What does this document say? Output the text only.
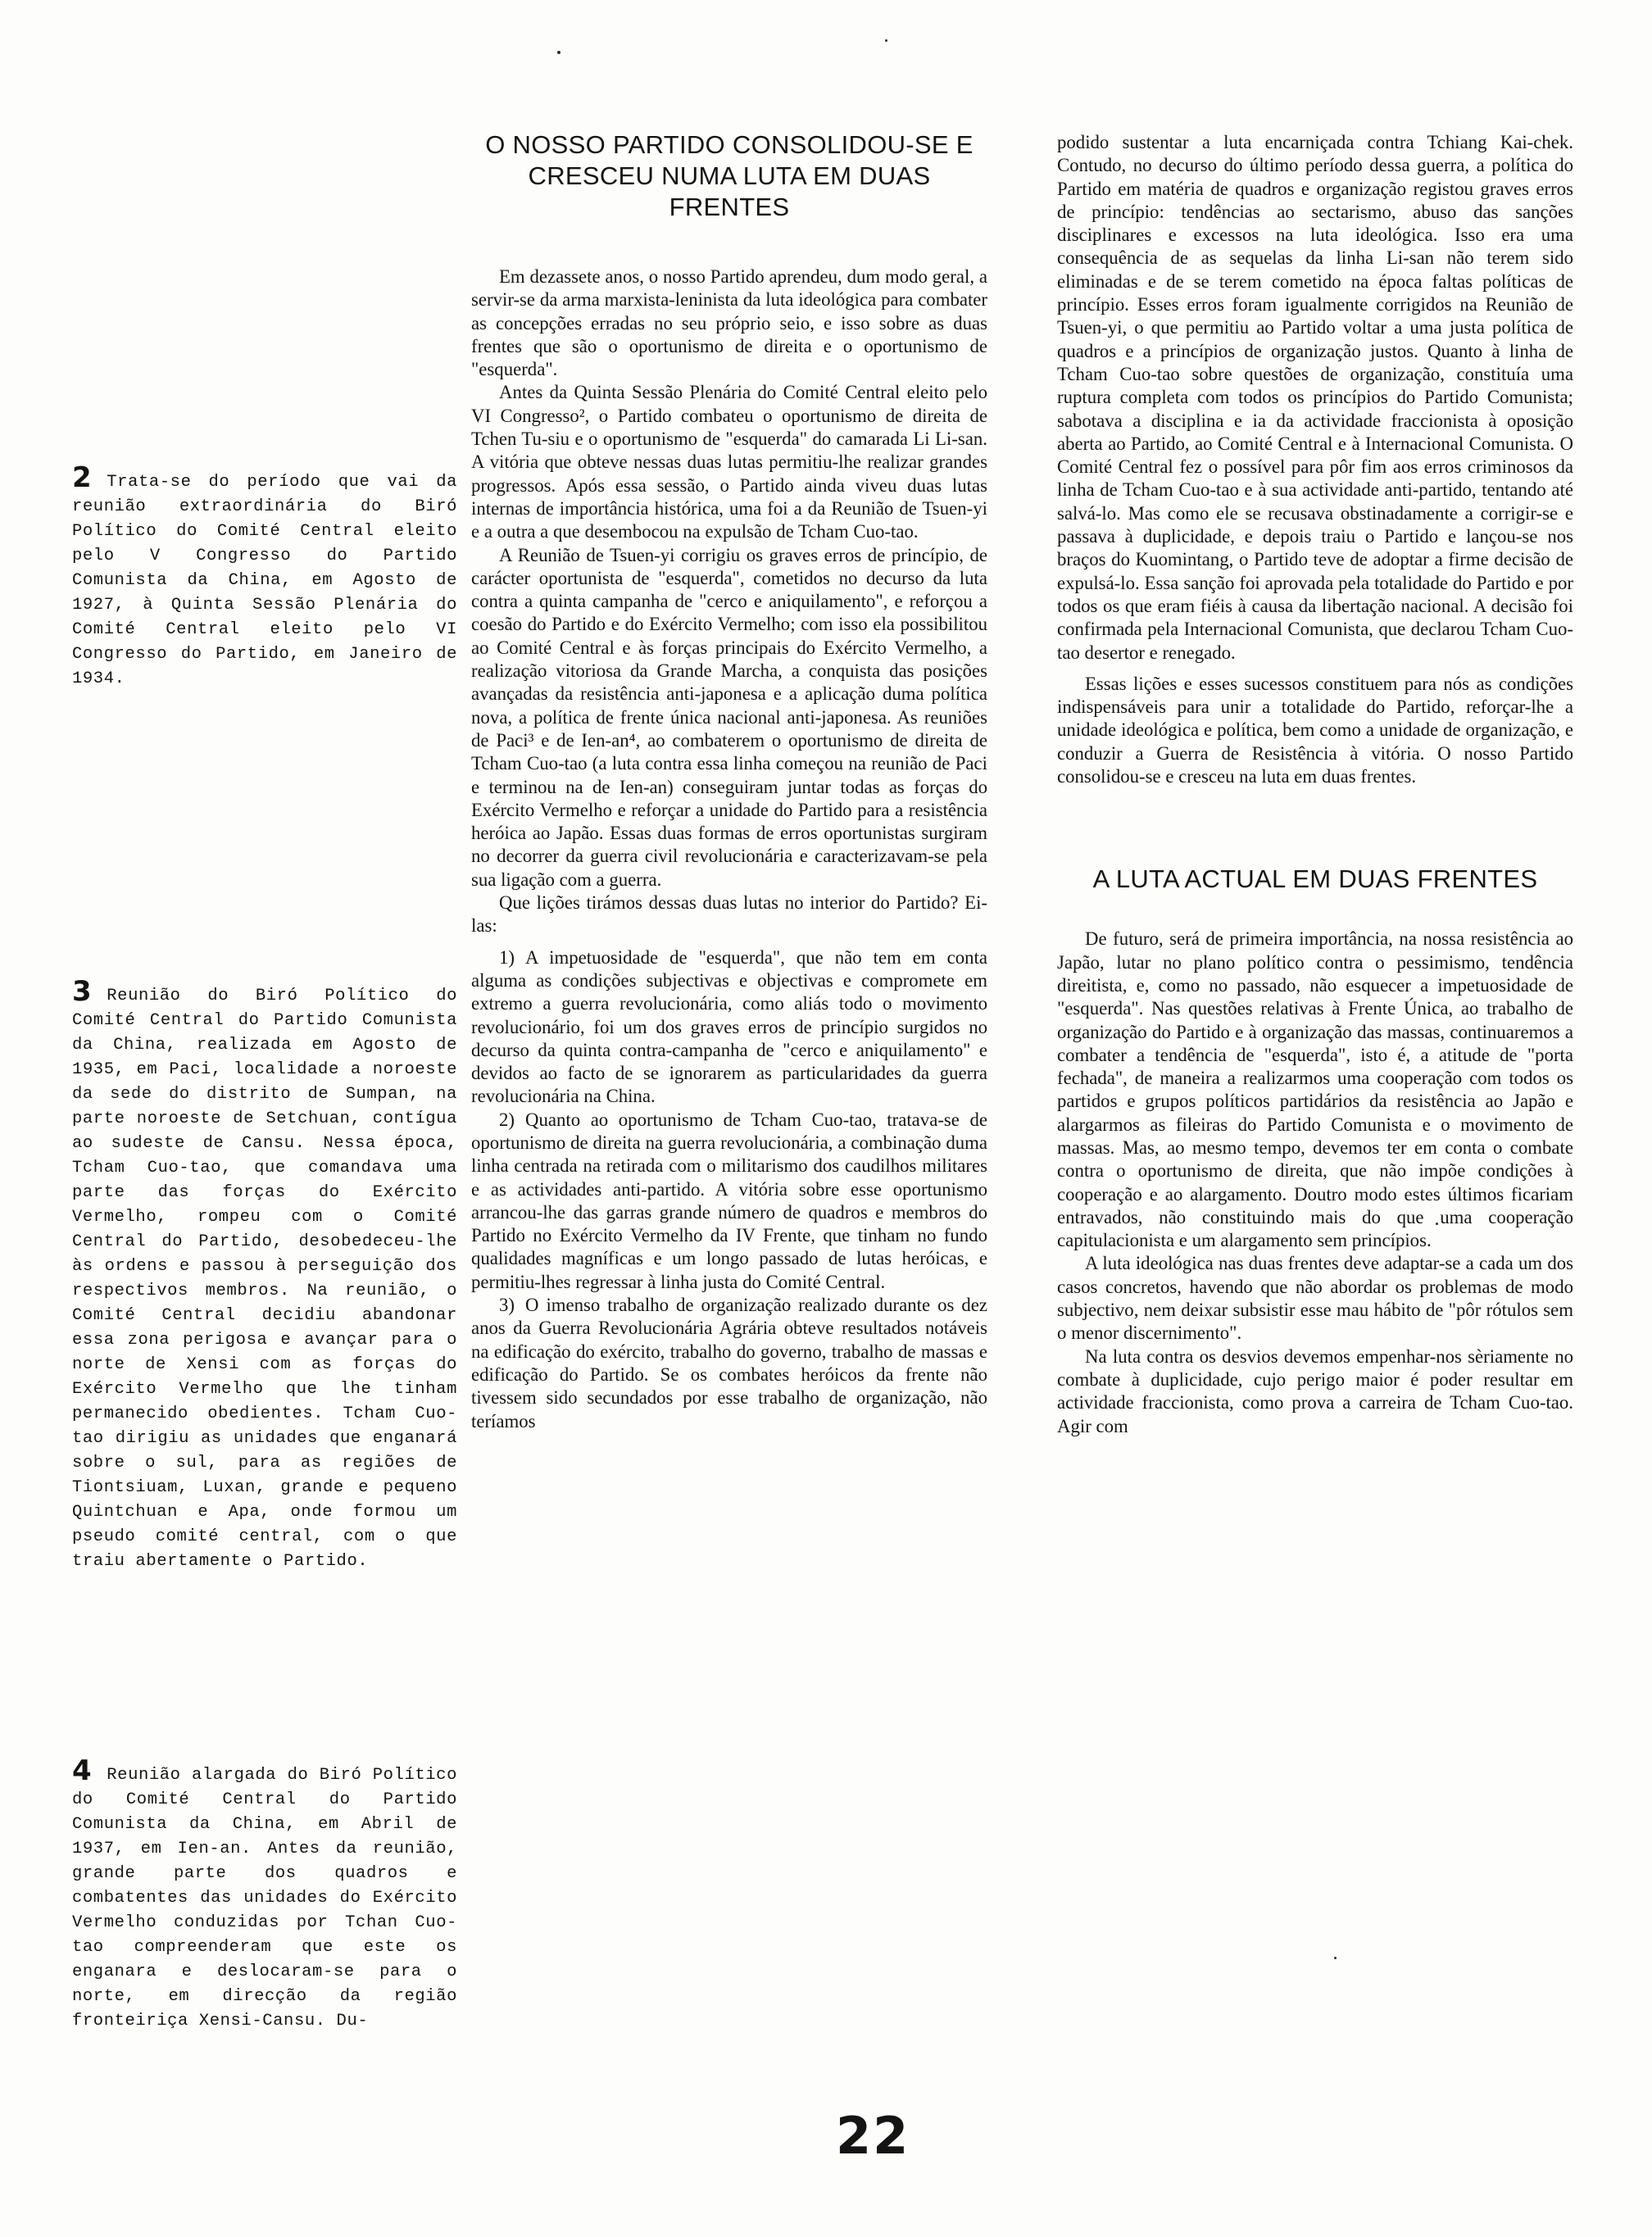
2 Trata-se do período que vai da reunião extraordinária do Biró Político do Comité Central eleito pelo V Congresso do Partido Comunista da China, em Agosto de 1927, à Quinta Sessão Plenária do Comité Central eleito pelo VI Congresso do Partido, em Janeiro de 1934.
3 Reunião do Biró Político do Comité Central do Partido Comunista da China, realizada em Agosto de 1935, em Paci, localidade a noroeste da sede do distrito de Sumpan, na parte noroeste de Setchuan, contígua ao sudeste de Cansu. Nessa época, Tcham Cuo-tao, que comandava uma parte das forças do Exército Vermelho, rompeu com o Comité Central do Partido, desobedeceu-lhe às ordens e passou à perseguição dos respectivos membros. Na reunião, o Comité Central decidiu abandonar essa zona perigosa e avançar para o norte de Xensi com as forças do Exército Vermelho que lhe tinham permanecido obedientes. Tcham Cuo-tao dirigiu as unidades que enganará sobre o sul, para as regiões de Tiontsiuam, Luxan, grande e pequeno Quintchuan e Apa, onde formou um pseudo comité central, com o que traiu abertamente o Partido.
4 Reunião alargada do Biró Político do Comité Central do Partido Comunista da China, em Abril de 1937, em Ien-an. Antes da reunião, grande parte dos quadros e combatentes das unidades do Exército Vermelho conduzidas por Tchan Cuo-tao compreenderam que este os enganara e deslocaram-se para o norte, em direcção da região fronteiriça Xensi-Cansu. Du-
O NOSSO PARTIDO CONSOLIDOU-SE E CRESCEU NUMA LUTA EM DUAS FRENTES

Em dezassete anos, o nosso Partido aprendeu, dum modo geral, a servir-se da arma marxista-leninista da luta ideológica para combater as concepções erradas no seu próprio seio, e isso sobre as duas frentes que são o oportunismo de direita e o oportunismo de "esquerda".

Antes da Quinta Sessão Plenária do Comité Central eleito pelo VI Congresso², o Partido combateu o oportunismo de direita de Tchen Tu-siu e o oportunismo de "esquerda" do camarada Li Li-san. A vitória que obteve nessas duas lutas permitiu-lhe realizar grandes progressos. Após essa sessão, o Partido ainda viveu duas lutas internas de importância histórica, uma foi a da Reunião de Tsuen-yi e a outra a que desembocou na expulsão de Tcham Cuo-tao.

A Reunião de Tsuen-yi corrigiu os graves erros de princípio, de carácter oportunista de "esquerda", cometidos no decurso da luta contra a quinta campanha de "cerco e aniquilamento", e reforçou a coesão do Partido e do Exército Vermelho; com isso ela possibilitou ao Comité Central e às forças principais do Exército Vermelho, a realização vitoriosa da Grande Marcha, a conquista das posições avançadas da resistência anti-japonesa e a aplicação duma política nova, a política de frente única nacional anti-japonesa. As reuniões de Paci³ e de Ien-an⁴, ao combaterem o oportunismo de direita de Tcham Cuo-tao (a luta contra essa linha começou na reunião de Paci e terminou na de Ien-an) conseguiram juntar todas as forças do Exército Vermelho e reforçar a unidade do Partido para a resistência heróica ao Japão. Essas duas formas de erros oportunistas surgiram no decorrer da guerra civil revolucionária e caracterizavam-se pela sua ligação com a guerra.

Que lições tirámos dessas duas lutas no interior do Partido? Ei-las:

1) A impetuosidade de "esquerda", que não tem em conta alguma as condições subjectivas e objectivas e compromete em extremo a guerra revolucionária, como aliás todo o movimento revolucionário, foi um dos graves erros de princípio surgidos no decurso da quinta contra-campanha de "cerco e aniquilamento" e devidos ao facto de se ignorarem as particularidades da guerra revolucionária na China.

2) Quanto ao oportunismo de Tcham Cuo-tao, tratava-se de oportunismo de direita na guerra revolucionária, a combinação duma linha centrada na retirada com o militarismo dos caudilhos militares e as actividades anti-partido. A vitória sobre esse oportunismo arrancou-lhe das garras grande número de quadros e membros do Partido no Exército Vermelho da IV Frente, que tinham no fundo qualidades magníficas e um longo passado de lutas heróicas, e permitiu-lhes regressar à linha justa do Comité Central.

3) O imenso trabalho de organização realizado durante os dez anos da Guerra Revolucionária Agrária obteve resultados notáveis na edificação do exército, trabalho do governo, trabalho de massas e edificação do Partido. Se os combates heróicos da frente não tivessem sido secundados por esse trabalho de organização, não teríamos

podido sustentar a luta encarniçada contra Tchiang Kai-chek. Contudo, no decurso do último período dessa guerra, a política do Partido em matéria de quadros e organização registou graves erros de princípio: tendências ao sectarismo, abuso das sanções disciplinares e excessos na luta ideológica. Isso era uma consequência de as sequelas da linha Li-san não terem sido eliminadas e de se terem cometido na época faltas políticas de princípio. Esses erros foram igualmente corrigidos na Reunião de Tsuen-yi, o que permitiu ao Partido voltar a uma justa política de quadros e a princípios de organização justos. Quanto à linha de Tcham Cuo-tao sobre questões de organização, constituía uma ruptura completa com todos os princípios do Partido Comunista; sabotava a disciplina e ia da actividade fraccionista à oposição aberta ao Partido, ao Comité Central e à Internacional Comunista. O Comité Central fez o possível para pôr fim aos erros criminosos da linha de Tcham Cuo-tao e à sua actividade anti-partido, tentando até salvá-lo. Mas como ele se recusava obstinadamente a corrigir-se e passava à duplicidade, e depois traiu o Partido e lançou-se nos braços do Kuomintang, o Partido teve de adoptar a firme decisão de expulsá-lo. Essa sanção foi aprovada pela totalidade do Partido e por todos os que eram fiéis à causa da libertação nacional. A decisão foi confirmada pela Internacional Comunista, que declarou Tcham Cuo-tao desertor e renegado.

Essas lições e esses sucessos constituem para nós as condições indispensáveis para unir a totalidade do Partido, reforçar-lhe a unidade ideológica e política, bem como a unidade de organização, e conduzir a Guerra de Resistência à vitória. O nosso Partido consolidou-se e cresceu na luta em duas frentes.

A LUTA ACTUAL EM DUAS FRENTES

De futuro, será de primeira importância, na nossa resistência ao Japão, lutar no plano político contra o pessimismo, tendência direitista, e, como no passado, não esquecer a impetuosidade de "esquerda". Nas questões relativas à Frente Única, ao trabalho de organização do Partido e à organização das massas, continuaremos a combater a tendência de "esquerda", isto é, a atitude de "porta fechada", de maneira a realizarmos uma cooperação com todos os partidos e grupos políticos partidários da resistência ao Japão e alargarmos as fileiras do Partido Comunista e o movimento de massas. Mas, ao mesmo tempo, devemos ter em conta o combate contra o oportunismo de direita, que não impõe condições à cooperação e ao alargamento. Doutro modo estes últimos ficariam entravados, não constituindo mais do que uma cooperação capitulacionista e um alargamento sem princípios.

A luta ideológica nas duas frentes deve adaptar-se a cada um dos casos concretos, havendo que não abordar os problemas de modo subjectivo, nem deixar subsistir esse mau hábito de "pôr rótulos sem o menor discernimento".

Na luta contra os desvios devemos empenhar-nos sèriamente no combate à duplicidade, cujo perigo maior é poder resultar em actividade fraccionista, como prova a carreira de Tcham Cuo-tao. Agir com

22
